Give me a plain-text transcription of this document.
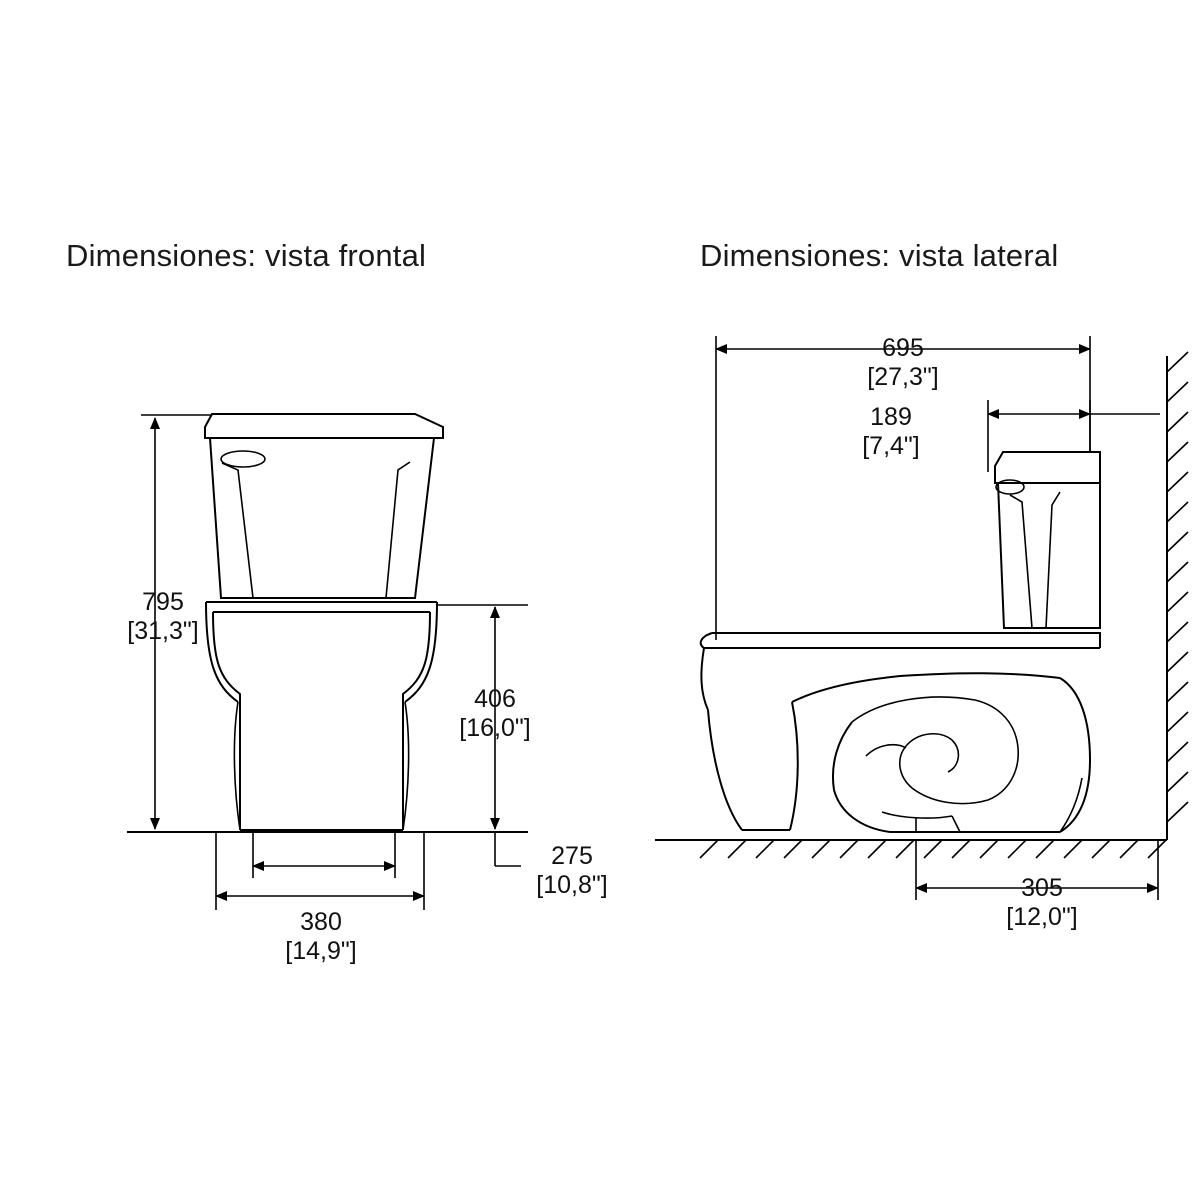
Dimensiones: vista frontal	Dimensiones: vista lateral
795
[31,3"]
406
[16,0"]
275
[10,8"]
380
[14,9"]
695
[27,3"]
189
[7,4"]
305
[12,0"]
